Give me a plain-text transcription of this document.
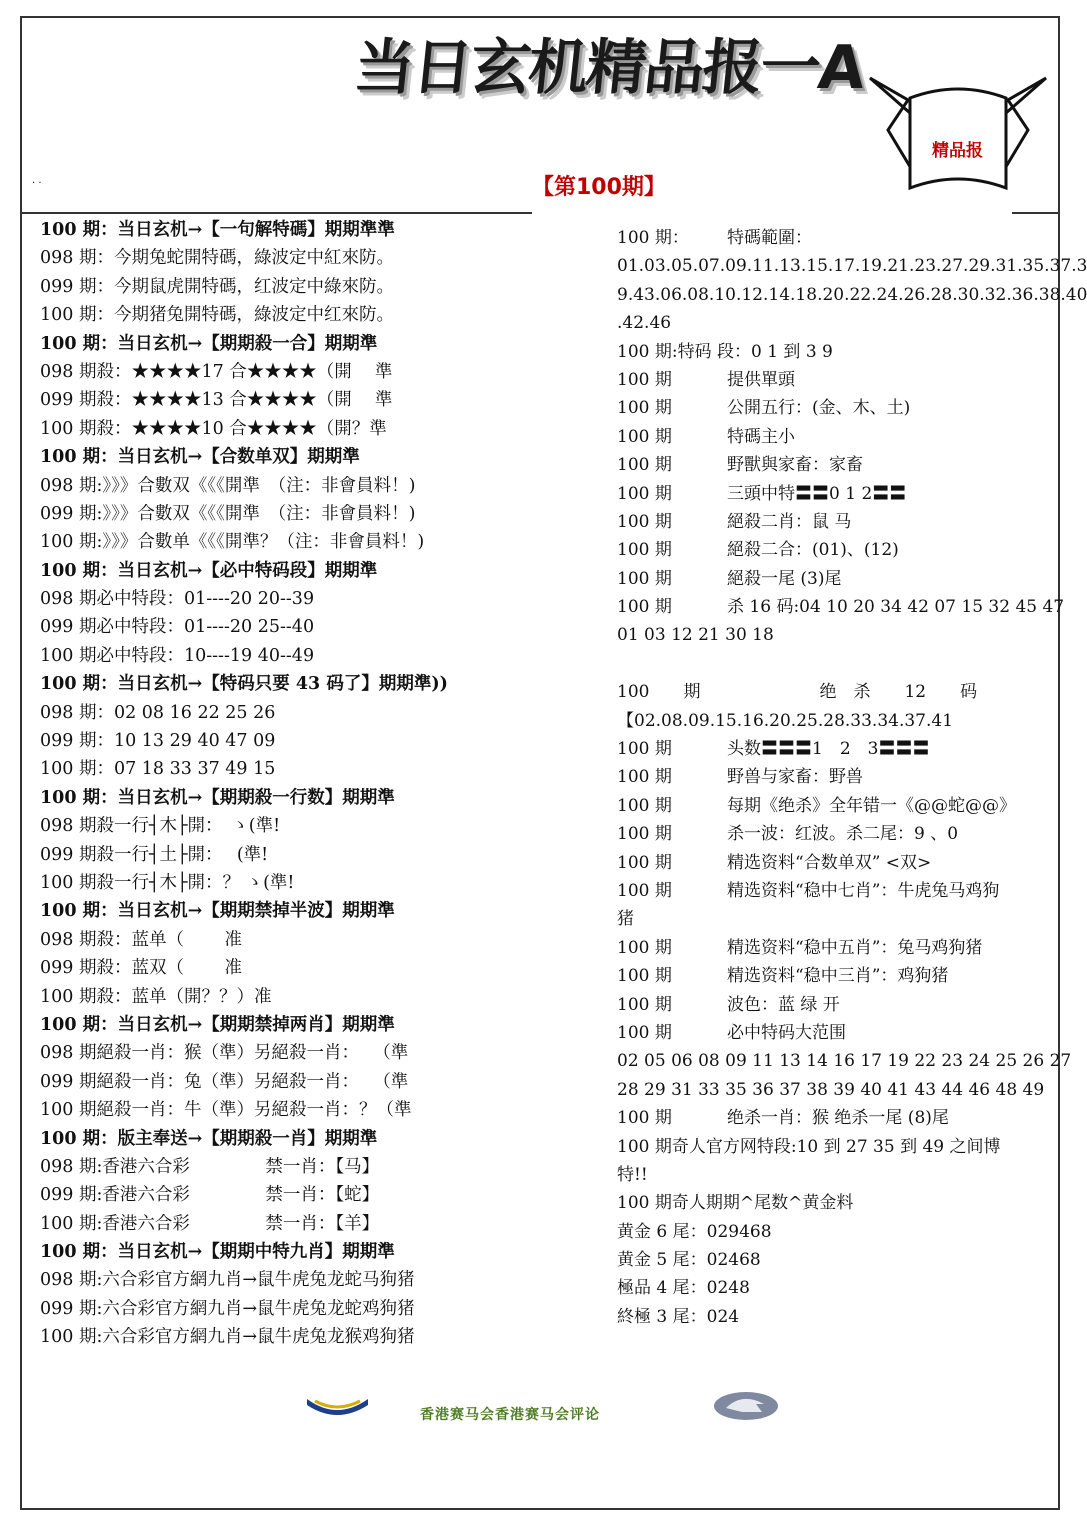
当日玄机精品报一A
精品报
. .	【第100期】
100 期：当日玄机→【一句解特碼】期期準準
098 期：今期兔蛇開特碼，綠波定中紅來防。
099 期：今期鼠虎開特碼，红波定中綠來防。
100 期：今期猪兔開特碼，綠波定中红來防。
100 期：当日玄机→【期期殺一合】期期準
098 期殺：★★★★17 合★★★★（開　 準
099 期殺：★★★★13 合★★★★（開　 準
100 期殺：★★★★10 合★★★★（開？準
100 期：当日玄机→【合数单双】期期準
098 期:》》》合數双《《《開準　（注：非會員料！)
099 期:》》》合數双《《《開準　（注：非會員料！)
100 期:》》》合數单《《《開準？（注：非會員料！)
100 期：当日玄机→【必中特码段】期期準
098 期必中特段：01----20 20--39
099 期必中特段：01----20 25--40
100 期必中特段：10----19 40--49
100 期：当日玄机→【特码只要 43 码了】期期準))
098 期：02 08 16 22 25 26
099 期：10 13 29 40 47 09
100 期：07 18 33 37 49 15
100 期：当日玄机→【期期殺一行数】期期準
098 期殺一行┤木├開：　ゝ(準!
099 期殺一行┤土├開：　 (準!
100 期殺一行┤木├開：？ ゝ(準!
100 期：当日玄机→【期期禁掉半波】期期準
098 期殺：蓝单（　　 准
099 期殺：蓝双（　　 准
100 期殺：蓝单（開？？）准
100 期：当日玄机→【期期禁掉两肖】期期準
098 期絕殺一肖：猴（準）另絕殺一肖：　 （準
099 期絕殺一肖：兔（準）另絕殺一肖：　 （準
100 期絕殺一肖：牛（準）另絕殺一肖：？（準
100 期：版主奉送→【期期殺一肖】期期準
098 期:香港六合彩　　　　 禁一肖：【马】
099 期:香港六合彩　　　　 禁一肖：【蛇】
100 期:香港六合彩　　　　 禁一肖：【羊】
100 期：当日玄机→【期期中特九肖】期期準
098 期:六合彩官方網九肖→鼠牛虎兔龙蛇马狗猪
099 期:六合彩官方網九肖→鼠牛虎兔龙蛇鸡狗猪
100 期:六合彩官方網九肖→鼠牛虎兔龙猴鸡狗猪
100 期：	特碼範圍：
01.03.05.07.09.11.13.15.17.19.21.23.27.29.31.35.37.3
9.43.06.08.10.12.14.18.20.22.24.26.28.30.32.36.38.40
.42.46
100 期:特码 段：0 1 到 3 9
100 期	提供單頭
100 期	公開五行：(金、木、土)
100 期	特碼主小
100 期	野獸與家畜：家畜
100 期	三頭中特〓〓0 1 2〓〓
100 期	絕殺二肖：鼠 马
100 期	絕殺二合：(01)、(12)
100 期	絕殺一尾 (3)尾
100 期	杀 16 码:04 10 20 34 42 07 15 32 45 47
01 03 12 21 30 18
100　　期　　　　　　　绝　杀　　12　　码
【02.08.09.15.16.20.25.28.33.34.37.41
100 期	头数〓〓〓1　2　3〓〓〓
100 期	野兽与家畜：野兽
100 期	每期《绝杀》全年错一《@@蛇@@》
100 期	杀一波：红波。杀二尾：9 、0
100 期	精选资料“合数单双” <双>
100 期	精选资料“稳中七肖”：牛虎兔马鸡狗
猪
100 期	精选资料“稳中五肖”：兔马鸡狗猪
100 期	精选资料“稳中三肖”：鸡狗猪
100 期	波色：蓝 绿 开
100 期	必中特码大范围
02 05 06 08 09 11 13 14 16 17 19 22 23 24 25 26 27
28 29 31 33 35 36 37 38 39 40 41 43 44 46 48 49
100 期	绝杀一肖：猴 绝杀一尾 (8)尾
100 期奇人官方网特段:10 到 27 35 到 49 之间博
特!!
100 期奇人期期^尾数^黄金料
黄金 6 尾：029468
黄金 5 尾：02468
極品 4 尾：0248
終極 3 尾：024
香港赛马会香港赛马会评论
